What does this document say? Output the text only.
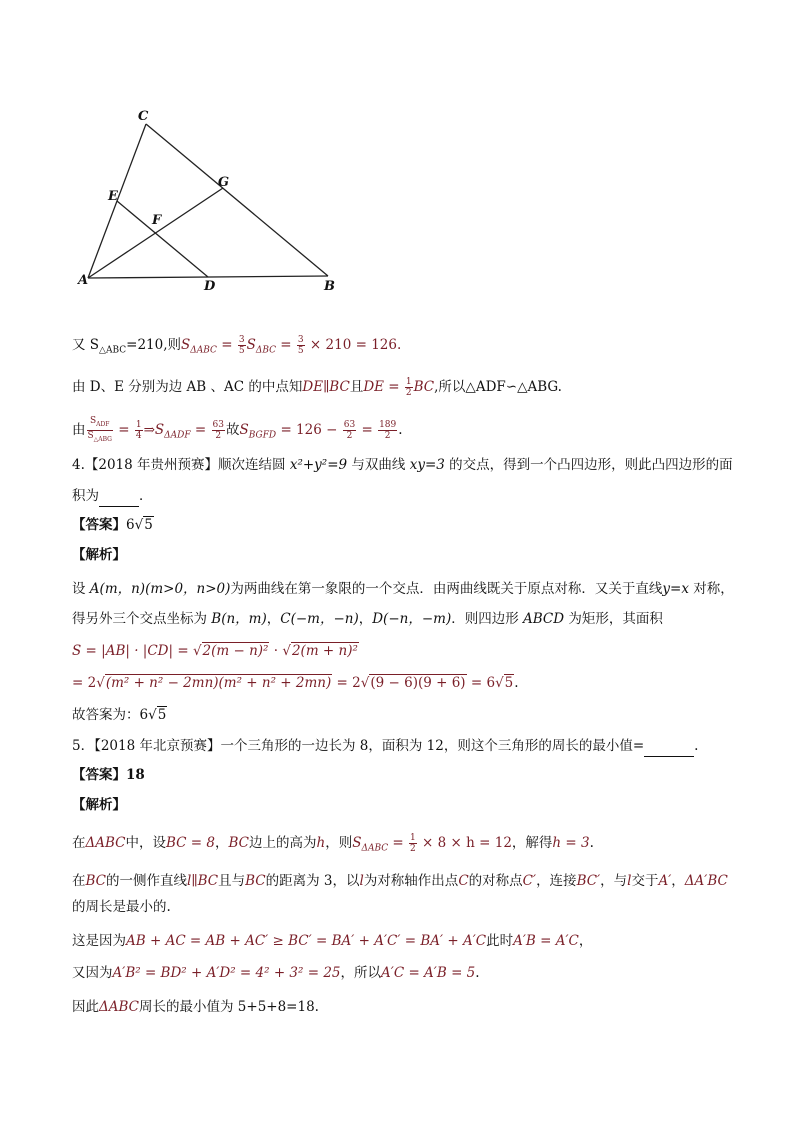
C
E
G
F
A	D	B
又 $S_{\triangle ABC}=210$,则$S_{\Delta ABC} = \frac{3}{5} S_{\Delta BC} = \frac{3}{5} \times 210 = 126$.
由 D、E 分别为边 AB 、AC 的中点知DE∥BC且DE = $\frac{1}{2}$ BC,所以△ADF∽△ABG.
由 $\frac{S_{ADF}}{S_{\triangle ABG}} = \frac{1}{4}$ $\Rightarrow S_{\Delta ADF} = \frac{63}{2}$ 故$S_{BGFD} = 126 - \frac{63}{2} = \frac{189}{2}$ .
4.【2018 年贵州预赛】顺次连结圆 x²+y²=9 与双曲线 xy=3 的交点，得到一个凸四边形，则此凸四边形的面
积为	．
【答案】6√5
【解析】
设 A(m，n)(m>0，n>0)为两曲线在第一象限的一个交点．由两曲线既关于原点对称．又关于直线y=x 对称，
得另外三个交点坐标为 B(n，m)，C(−m，−n)，D(−n，−m)．则四边形 ABCD 为矩形，其面积
S = |AB| · |CD| = √2(m − n)² · √2(m + n)²
= 2√(m² + n² − 2mn)(m² + n² + 2mn) = 2√(9 − 6)(9 + 6) = 6√5.
故答案为：6√5
5．【2018 年北京预赛】一个三角形的一边长为 8，面积为 12，则这个三角形的周长的最小值=	.
【答案】18
【解析】
在ΔABC中，设BC = 8，BC边上的高为h，则$S_{\Delta ABC} = \frac{1}{2} \times 8 \times h = 12$，解得h = 3.
在BC的一侧作直线l∥BC且与BC的距离为 3，以l为对称轴作出点C的对称点C′，连接BC′，与l交于A′，ΔA′BC
的周长是最小的.
这是因为AB + AC = AB + AC′ ≥ BC′ = BA′ + A′C′ = BA′ + A′C此时A′B = A′C，
又因为A′B² = BD² + A′D² = 4² + 3² = 25，所以A′C = A′B = 5.
因此ΔABC周长的最小值为 5+5+8=18.
